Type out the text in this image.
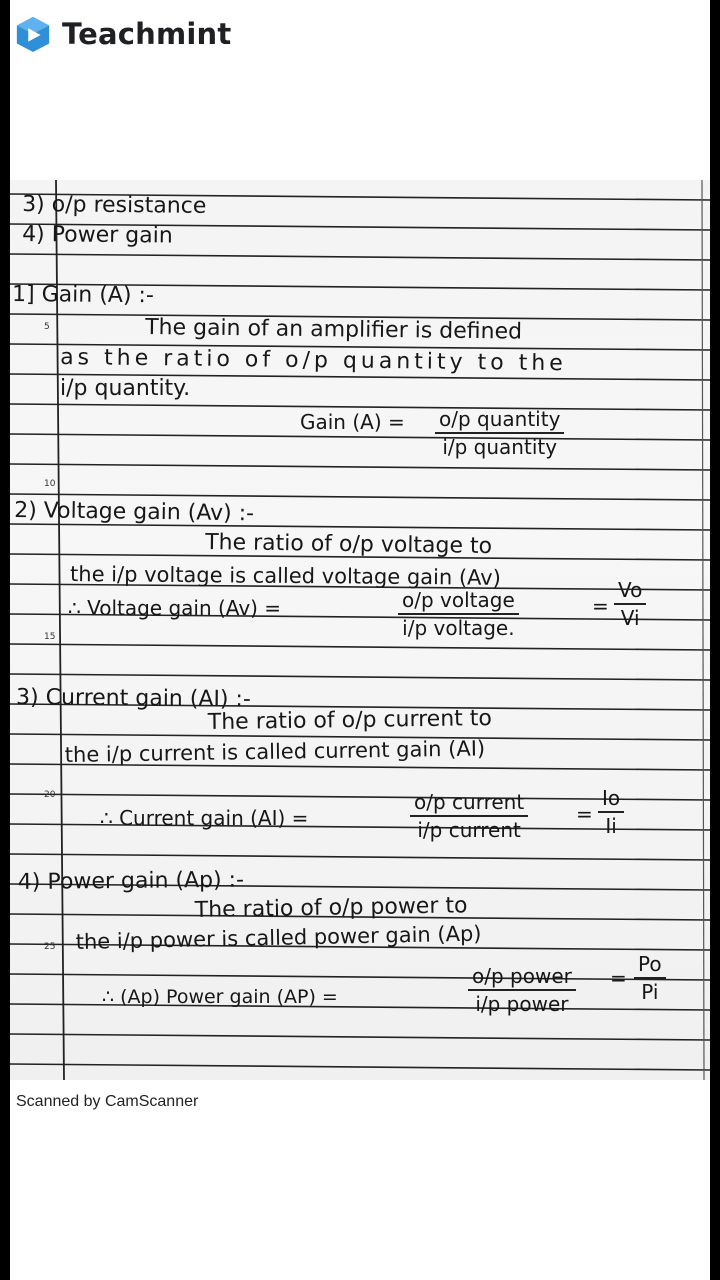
Teachmint
5
10
15
20
25
3) o/p resistance
4) Power gain
1] Gain (A) :-
The gain of an amplifier is defined
as the ratio of o/p quantity to the
i/p quantity.
Gain (A) = o/p quantity
i/p quantity
2) Voltage gain (Av) :-
The ratio of o/p voltage to
the i/p voltage is called voltage gain (Av)
∴ Voltage gain (Av) =	o/p voltage
i/p voltage.
= $\frac{Vo}{Vi}$
3) Current gain (AI) :-
The ratio of o/p current to
the i/p current is called current gain (AI)
∴ Current gain (AI) =
o/p current
i/p current
= $\frac{Io}{Ii}$
4) Power gain (Ap) :-
The ratio of o/p power to
the i/p power is called power gain (Ap)
∴ (Ap) Power gain (AP) =
o/p power
i/p power
= $\frac{Po}{Pi}$
Scanned by CamScanner
